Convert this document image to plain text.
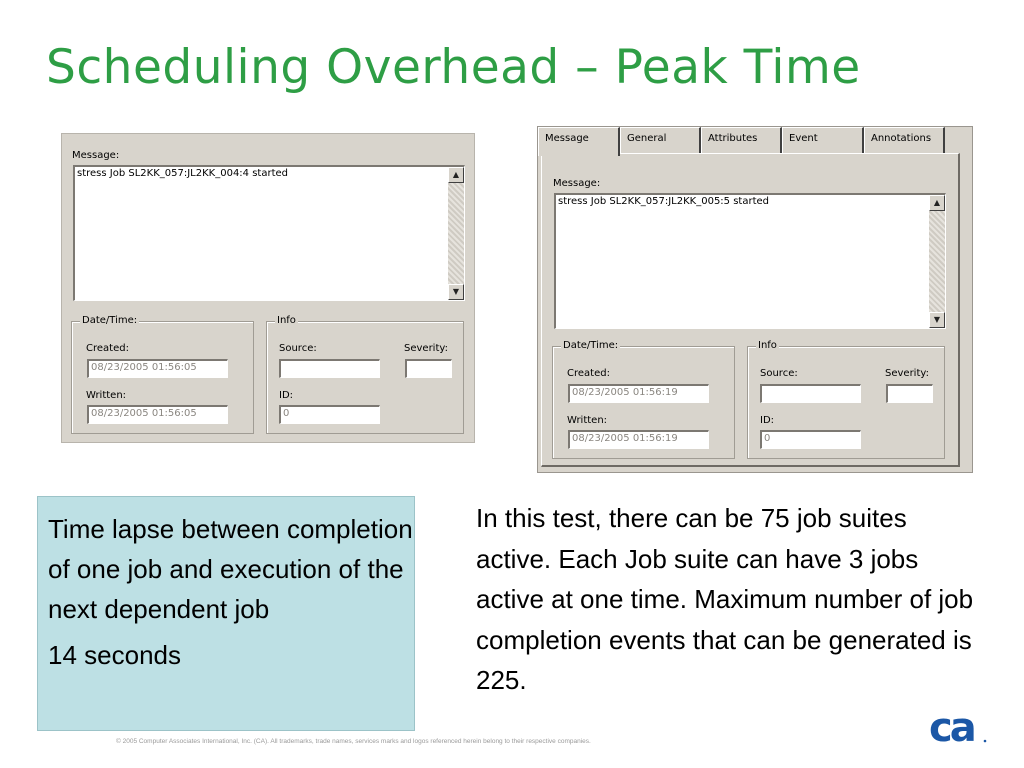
Scheduling Overhead – Peak Time
Message:
stress Job SL2KK_057:JL2KK_004:4 started	▲
▼
Date/Time:
Created:
08/23/2005 01:56:05
Written:
08/23/2005 01:56:05
Info
Source:	Severity:
ID:
0
Message	General	Attributes	Event	Annotations
Message:
stress Job SL2KK_057:JL2KK_005:5 started	▲
▼
Date/Time:
Created:
08/23/2005 01:56:19
Written:
08/23/2005 01:56:19
Info
Source:	Severity:
ID:
0

Time lapse between completion of one job and execution of the next dependent job

14 seconds

In this test, there can be 75 job suites active. Each Job suite can have 3 jobs active at one time. Maximum number of job completion events that can be generated is 225.
© 2005 Computer Associates International, Inc. (CA). All trademarks, trade names, services marks and logos referenced herein belong to their respective companies.	ca
